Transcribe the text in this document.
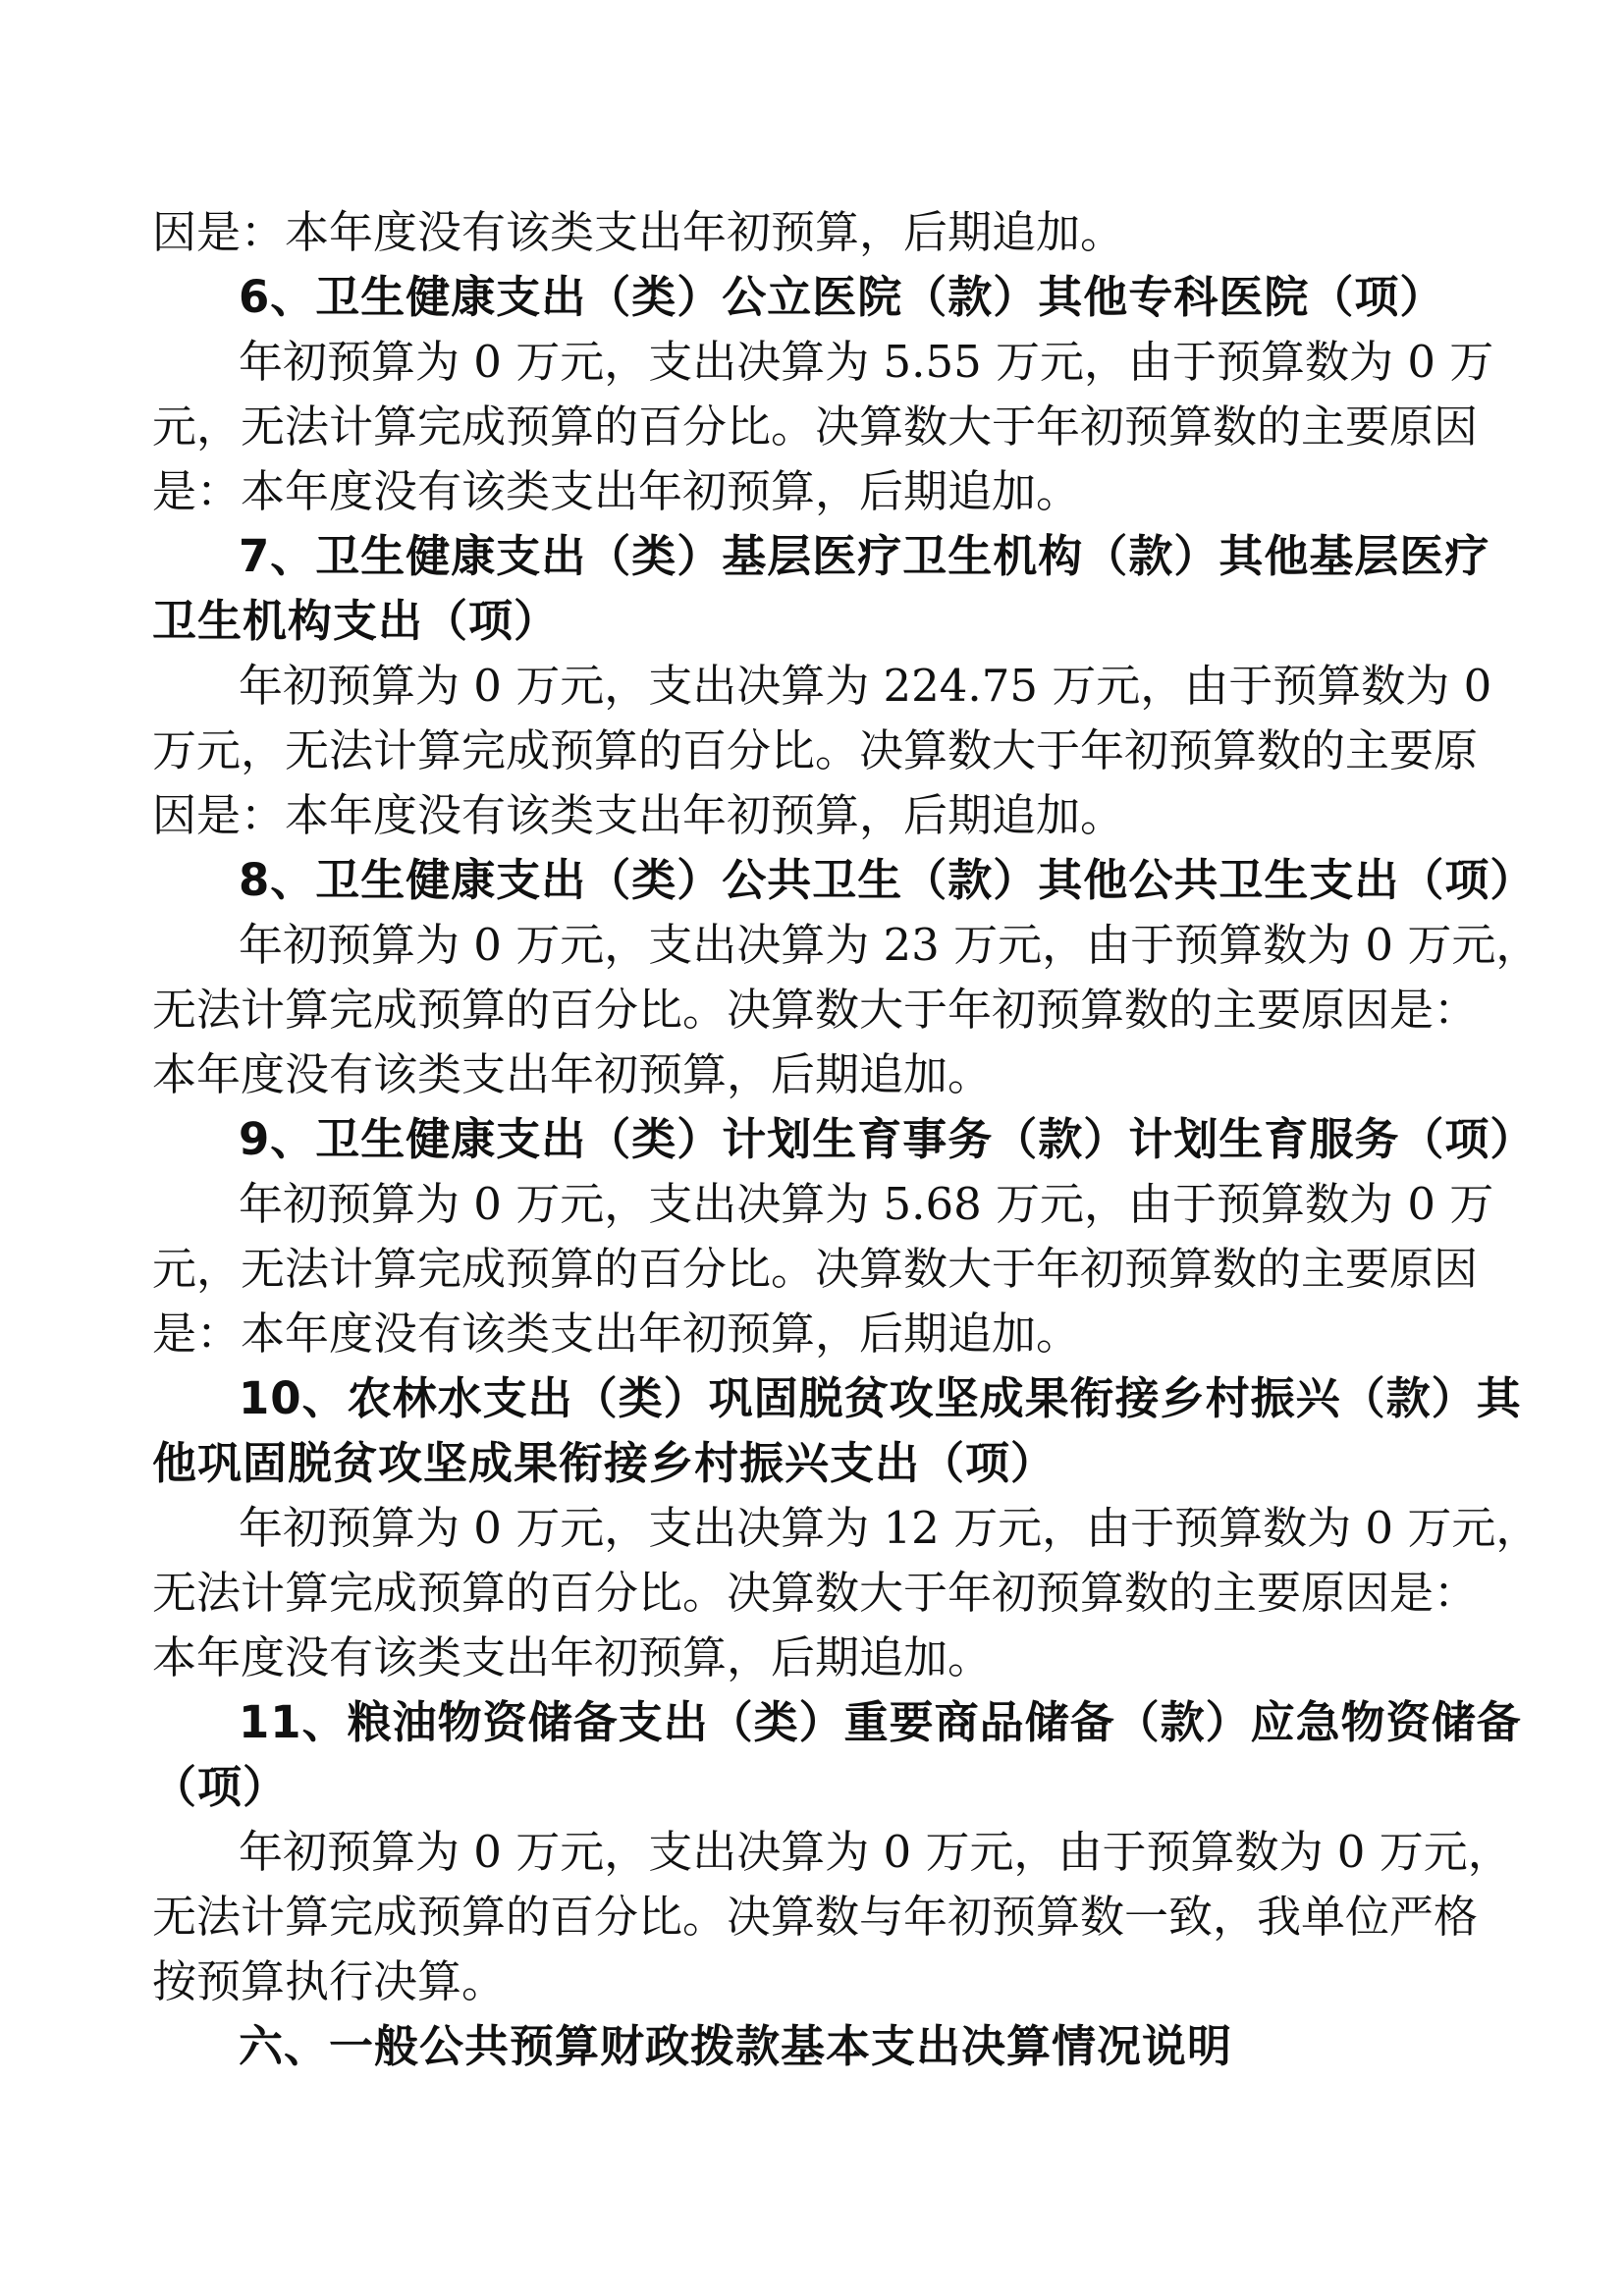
因是：本年度没有该类支出年初预算，后期追加。
6、卫生健康支出（类）公立医院（款）其他专科医院（项）
年初预算为 0 万元，支出决算为 5.55 万元，由于预算数为 0 万
元，无法计算完成预算的百分比。决算数大于年初预算数的主要原因
是：本年度没有该类支出年初预算，后期追加。
7、卫生健康支出（类）基层医疗卫生机构（款）其他基层医疗
卫生机构支出（项）
年初预算为 0 万元，支出决算为 224.75 万元，由于预算数为 0
万元，无法计算完成预算的百分比。决算数大于年初预算数的主要原
因是：本年度没有该类支出年初预算，后期追加。
8、卫生健康支出（类）公共卫生（款）其他公共卫生支出（项）
年初预算为 0 万元，支出决算为 23 万元，由于预算数为 0 万元，
无法计算完成预算的百分比。决算数大于年初预算数的主要原因是：
本年度没有该类支出年初预算，后期追加。
9、卫生健康支出（类）计划生育事务（款）计划生育服务（项）
年初预算为 0 万元，支出决算为 5.68 万元，由于预算数为 0 万
元，无法计算完成预算的百分比。决算数大于年初预算数的主要原因
是：本年度没有该类支出年初预算，后期追加。
10、农林水支出（类）巩固脱贫攻坚成果衔接乡村振兴（款）其
他巩固脱贫攻坚成果衔接乡村振兴支出（项）
年初预算为 0 万元，支出决算为 12 万元，由于预算数为 0 万元，
无法计算完成预算的百分比。决算数大于年初预算数的主要原因是：
本年度没有该类支出年初预算，后期追加。
11、粮油物资储备支出（类）重要商品储备（款）应急物资储备
（项）
年初预算为 0 万元，支出决算为 0 万元，由于预算数为 0 万元，
无法计算完成预算的百分比。决算数与年初预算数一致，我单位严格
按预算执行决算。
六、一般公共预算财政拨款基本支出决算情况说明
